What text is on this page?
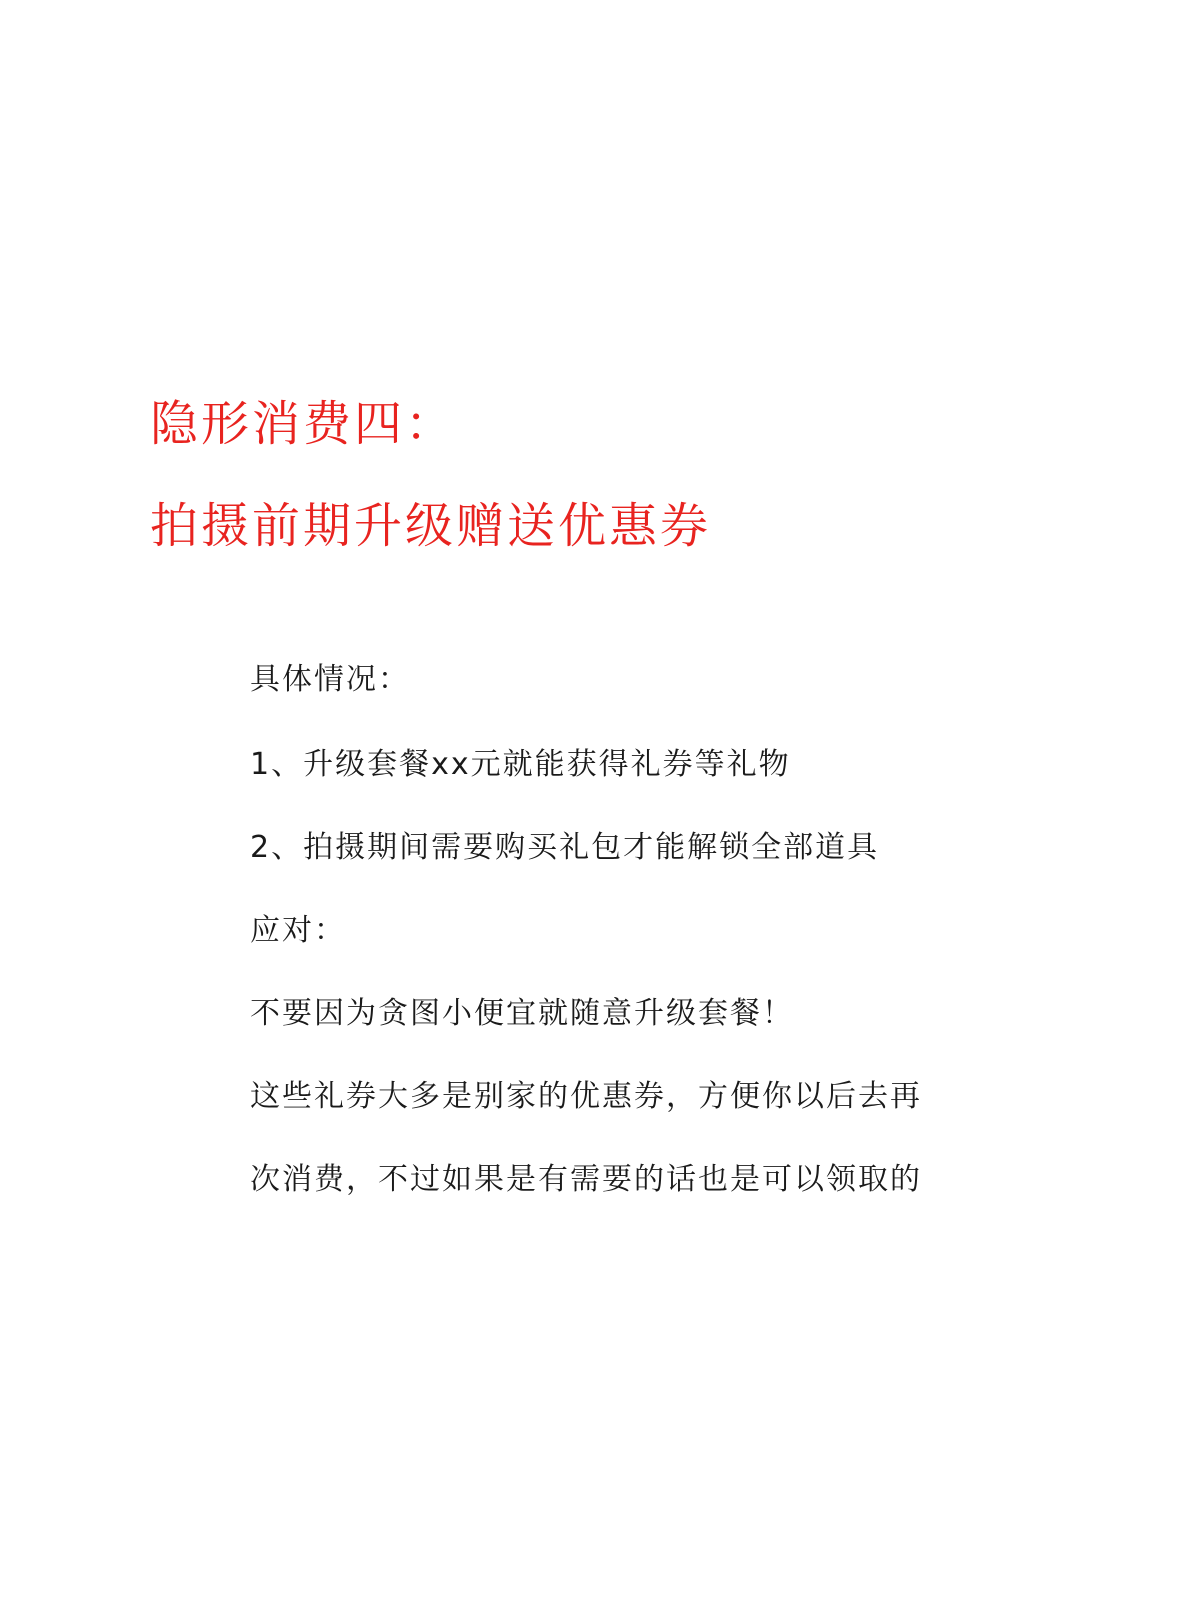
隐形消费四：
拍摄前期升级赠送优惠券

具体情况：

1、升级套餐xx元就能获得礼券等礼物

2、拍摄期间需要购买礼包才能解锁全部道具

应对：

不要因为贪图小便宜就随意升级套餐！

这些礼券大多是别家的优惠券，方便你以后去再

次消费，不过如果是有需要的话也是可以领取的
